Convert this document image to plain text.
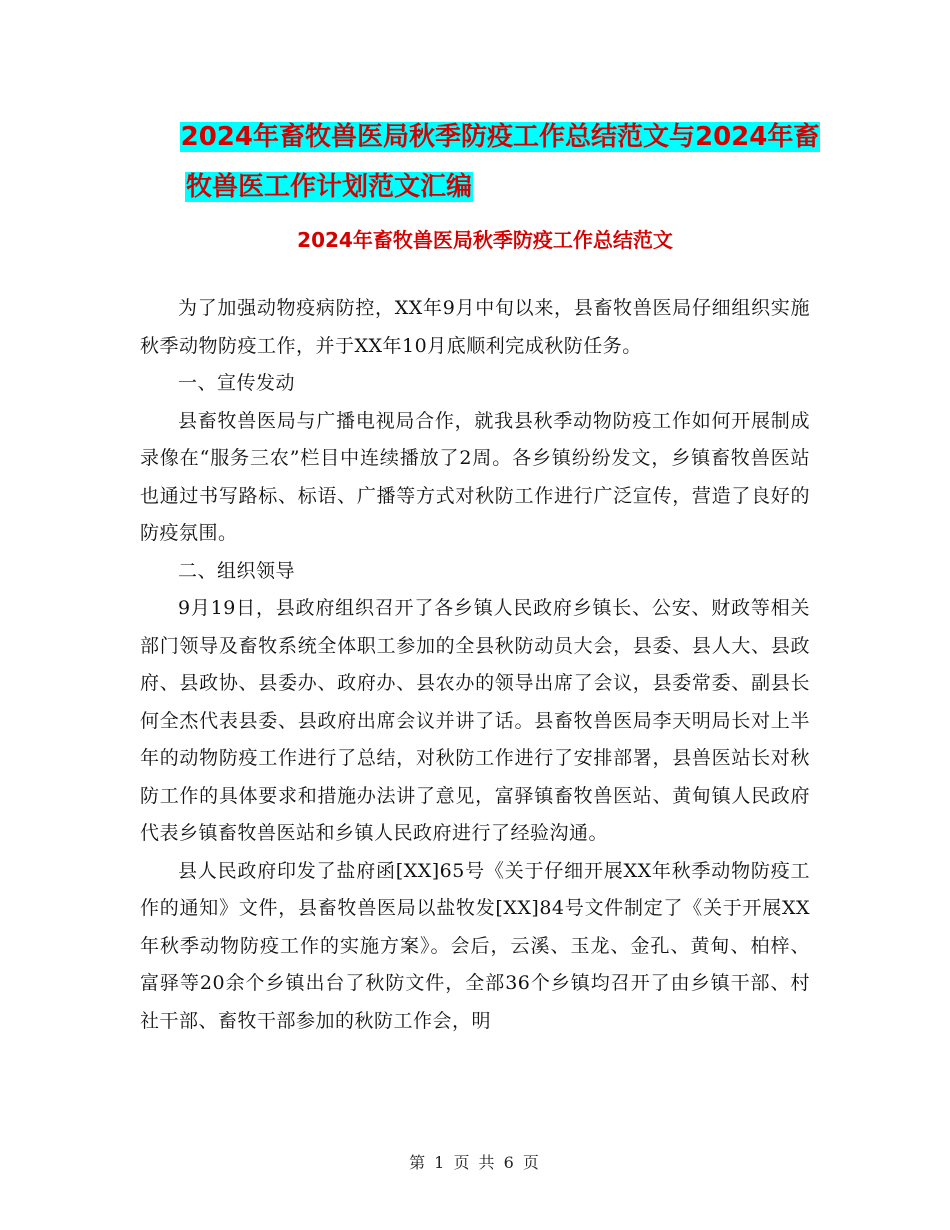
2024年畜牧兽医局秋季防疫工作总结范文与2024年畜
牧兽医工作计划范文汇编
2024年畜牧兽医局秋季防疫工作总结范文

为了加强动物疫病防控，XX年9月中旬以来，县畜牧兽医局仔细组织实施秋季动物防疫工作，并于XX年10月底顺利完成秋防任务。

一、宣传发动

县畜牧兽医局与广播电视局合作，就我县秋季动物防疫工作如何开展制成录像在“服务三农”栏目中连续播放了2周。各乡镇纷纷发文，乡镇畜牧兽医站也通过书写路标、标语、广播等方式对秋防工作进行广泛宣传，营造了良好的防疫氛围。

二、组织领导

9月19日，县政府组织召开了各乡镇人民政府乡镇长、公安、财政等相关部门领导及畜牧系统全体职工参加的全县秋防动员大会，县委、县人大、县政府、县政协、县委办、政府办、县农办的领导出席了会议，县委常委、副县长何全杰代表县委、县政府出席会议并讲了话。县畜牧兽医局李天明局长对上半年的动物防疫工作进行了总结，对秋防工作进行了安排部署，县兽医站长对秋防工作的具体要求和措施办法讲了意见，富驿镇畜牧兽医站、黄甸镇人民政府代表乡镇畜牧兽医站和乡镇人民政府进行了经验沟通。

县人民政府印发了盐府函[XX]65号《关于仔细开展XX年秋季动物防疫工作的通知》文件，县畜牧兽医局以盐牧发[XX]84号文件制定了《关于开展XX年秋季动物防疫工作的实施方案》。会后，云溪、玉龙、金孔、黄甸、柏梓、富驿等20余个乡镇出台了秋防文件，全部36个乡镇均召开了由乡镇干部、村社干部、畜牧干部参加的秋防工作会，明

第 1 页 共 6 页
